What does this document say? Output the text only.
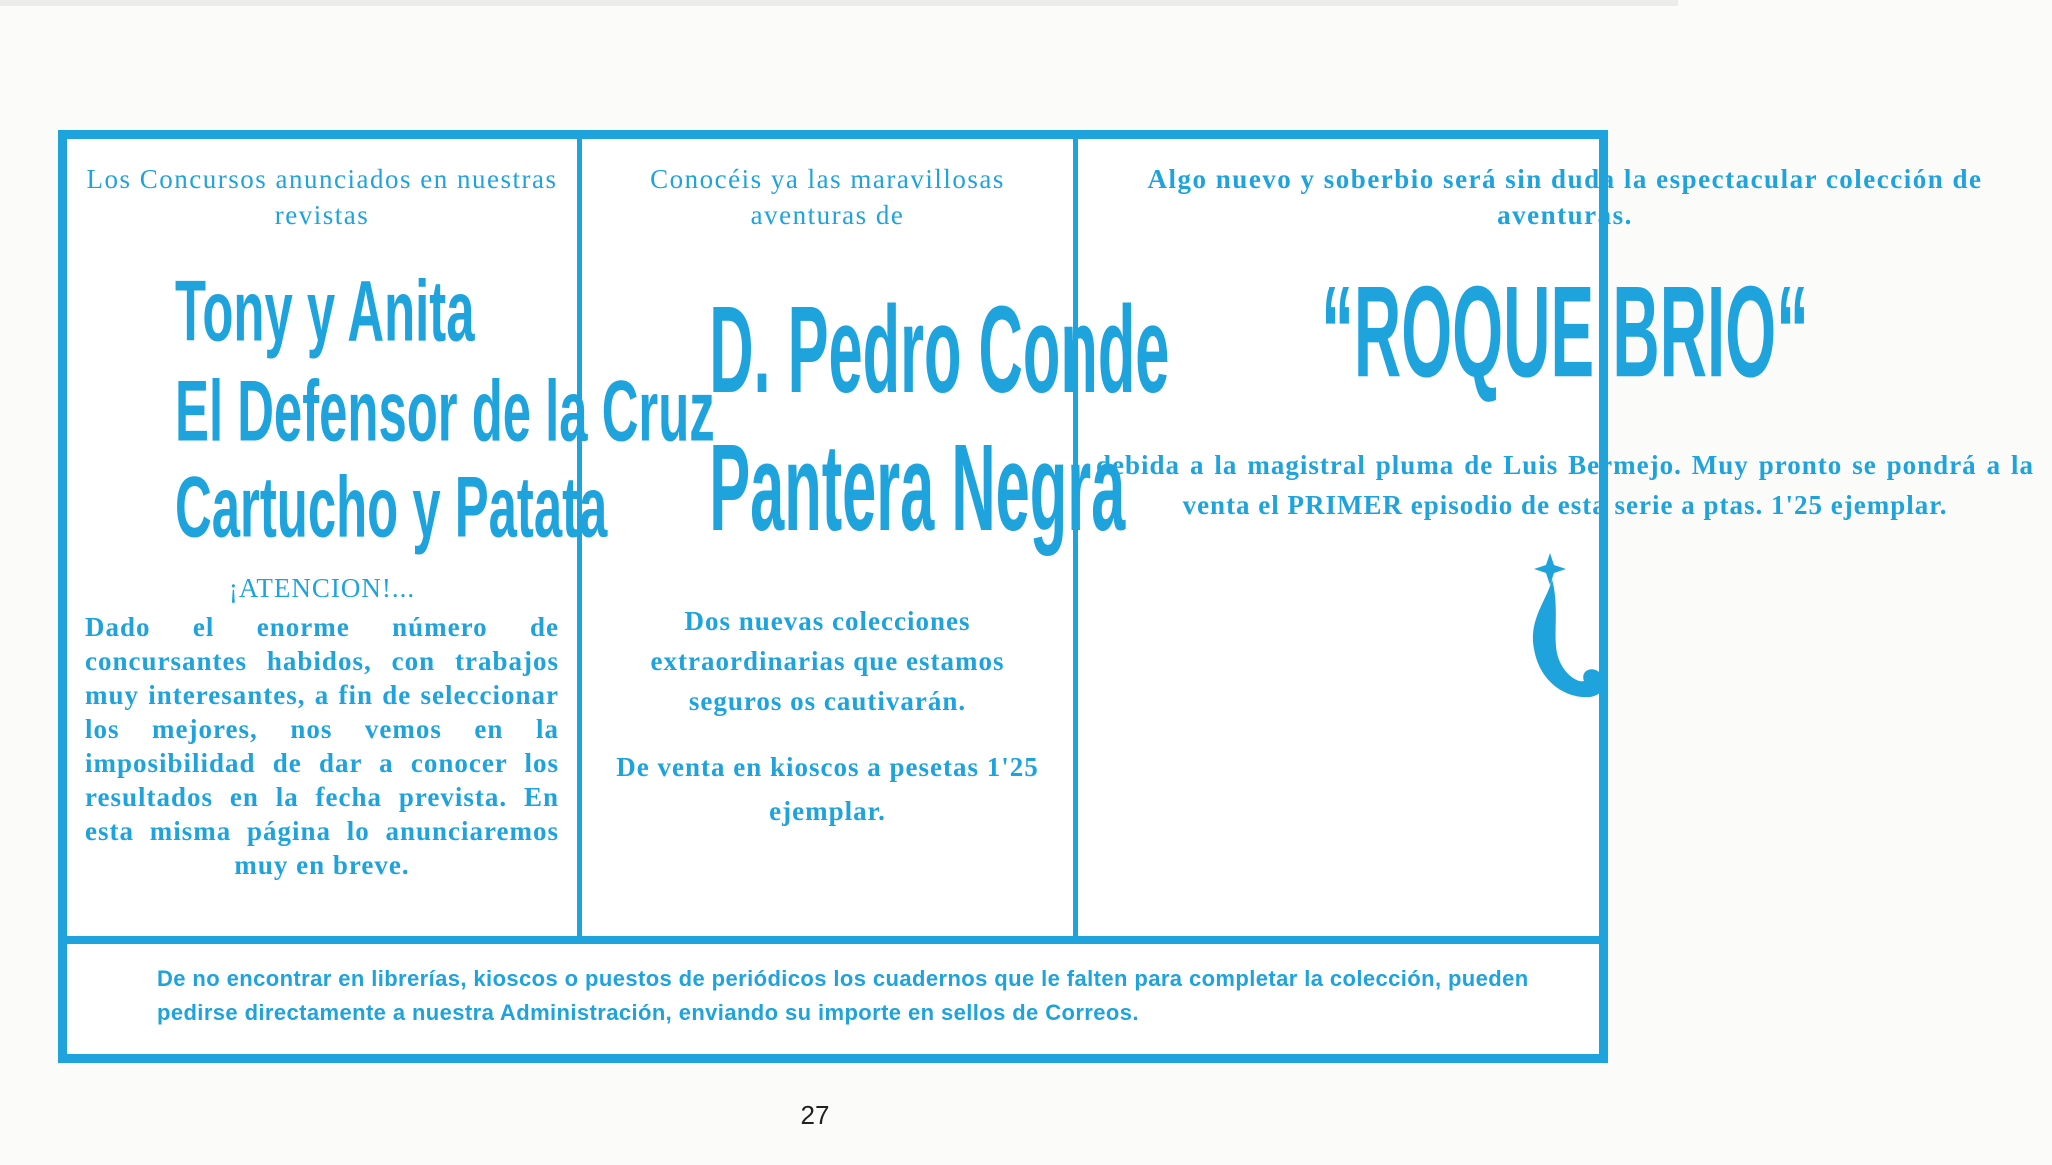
Los Concursos anunciados en nuestras revistas

Tony y Anita
El Defensor de la Cruz
Cartucho y Patata
¡ATENCION!...

Dado el enorme número de concursantes habidos, con trabajos muy interesantes, a fin de seleccionar los mejores, nos vemos en la imposibilidad de dar a conocer los resultados en la fecha prevista. En esta misma página lo anunciaremos muy en breve.

Conocéis ya las maravillosas aventuras de

D. Pedro Conde
Pantera Negra

Dos nuevas colecciones extraordinarias que estamos seguros os cautivarán.

De venta en kioscos a pesetas 1'25 ejemplar.

Algo nuevo y soberbio será sin duda la espectacular colección de aventuras.

“ROQUE BRIO“

debida a la magistral pluma de Luis Bermejo. Muy pronto se pondrá a la venta el PRIMER episodio de esta serie a ptas. 1'25 ejemplar.

De no encontrar en librerías, kioscos o puestos de periódicos los cuadernos que le falten para completar la colección, pueden pedirse directamente a nuestra Administración, enviando su importe en sellos de Correos.
27
